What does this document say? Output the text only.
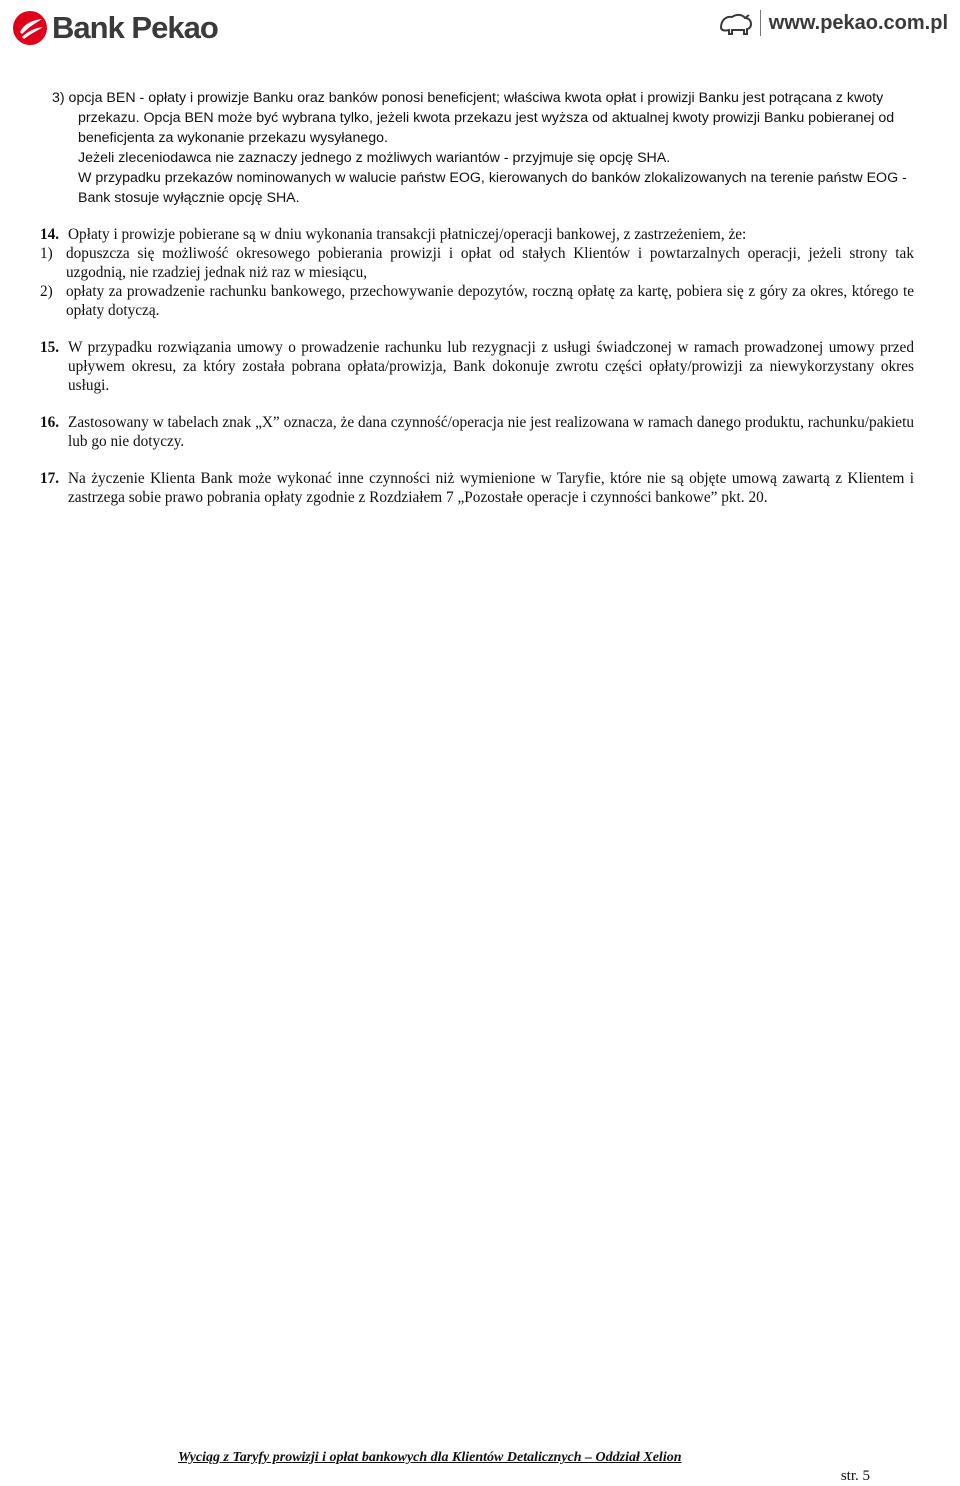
Bank Pekao	www.pekao.com.pl

3) opcja BEN - opłaty i prowizje Banku oraz banków ponosi beneficjent; właściwa kwota opłat i prowizji Banku jest potrącana z kwoty przekazu. Opcja BEN może być wybrana tylko, jeżeli kwota przekazu jest wyższa od aktualnej kwoty prowizji Banku pobieranej od beneficjenta za wykonanie przekazu wysyłanego.

Jeżeli zleceniodawca nie zaznaczy jednego z możliwych wariantów - przyjmuje się opcję SHA.

W przypadku przekazów nominowanych w walucie państw EOG, kierowanych do banków zlokalizowanych na terenie państw EOG - Bank stosuje wyłącznie opcję SHA.

14. Opłaty i prowizje pobierane są w dniu wykonania transakcji płatniczej/operacji bankowej, z zastrzeżeniem, że:
1) dopuszcza się możliwość okresowego pobierania prowizji i opłat od stałych Klientów i powtarzalnych operacji, jeżeli strony tak uzgodnią, nie rzadziej jednak niż raz w miesiącu,
2) opłaty za prowadzenie rachunku bankowego, przechowywanie depozytów, roczną opłatę za kartę, pobiera się z góry za okres, którego te opłaty dotyczą.
15. W przypadku rozwiązania umowy o prowadzenie rachunku lub rezygnacji z usługi świadczonej w ramach prowadzonej umowy przed upływem okresu, za który została pobrana opłata/prowizja, Bank dokonuje zwrotu części opłaty/prowizji za niewykorzystany okres usługi.
16. Zastosowany w tabelach znak „X” oznacza, że dana czynność/operacja nie jest realizowana w ramach danego produktu, rachunku/pakietu lub go nie dotyczy.
17. Na życzenie Klienta Bank może wykonać inne czynności niż wymienione w Taryfie, które nie są objęte umową zawartą z Klientem i zastrzega sobie prawo pobrania opłaty zgodnie z Rozdziałem 7 „Pozostałe operacje i czynności bankowe” pkt. 20.
Wyciąg z Taryfy prowizji i opłat bankowych dla Klientów Detalicznych – Oddział Xelion
str. 5
